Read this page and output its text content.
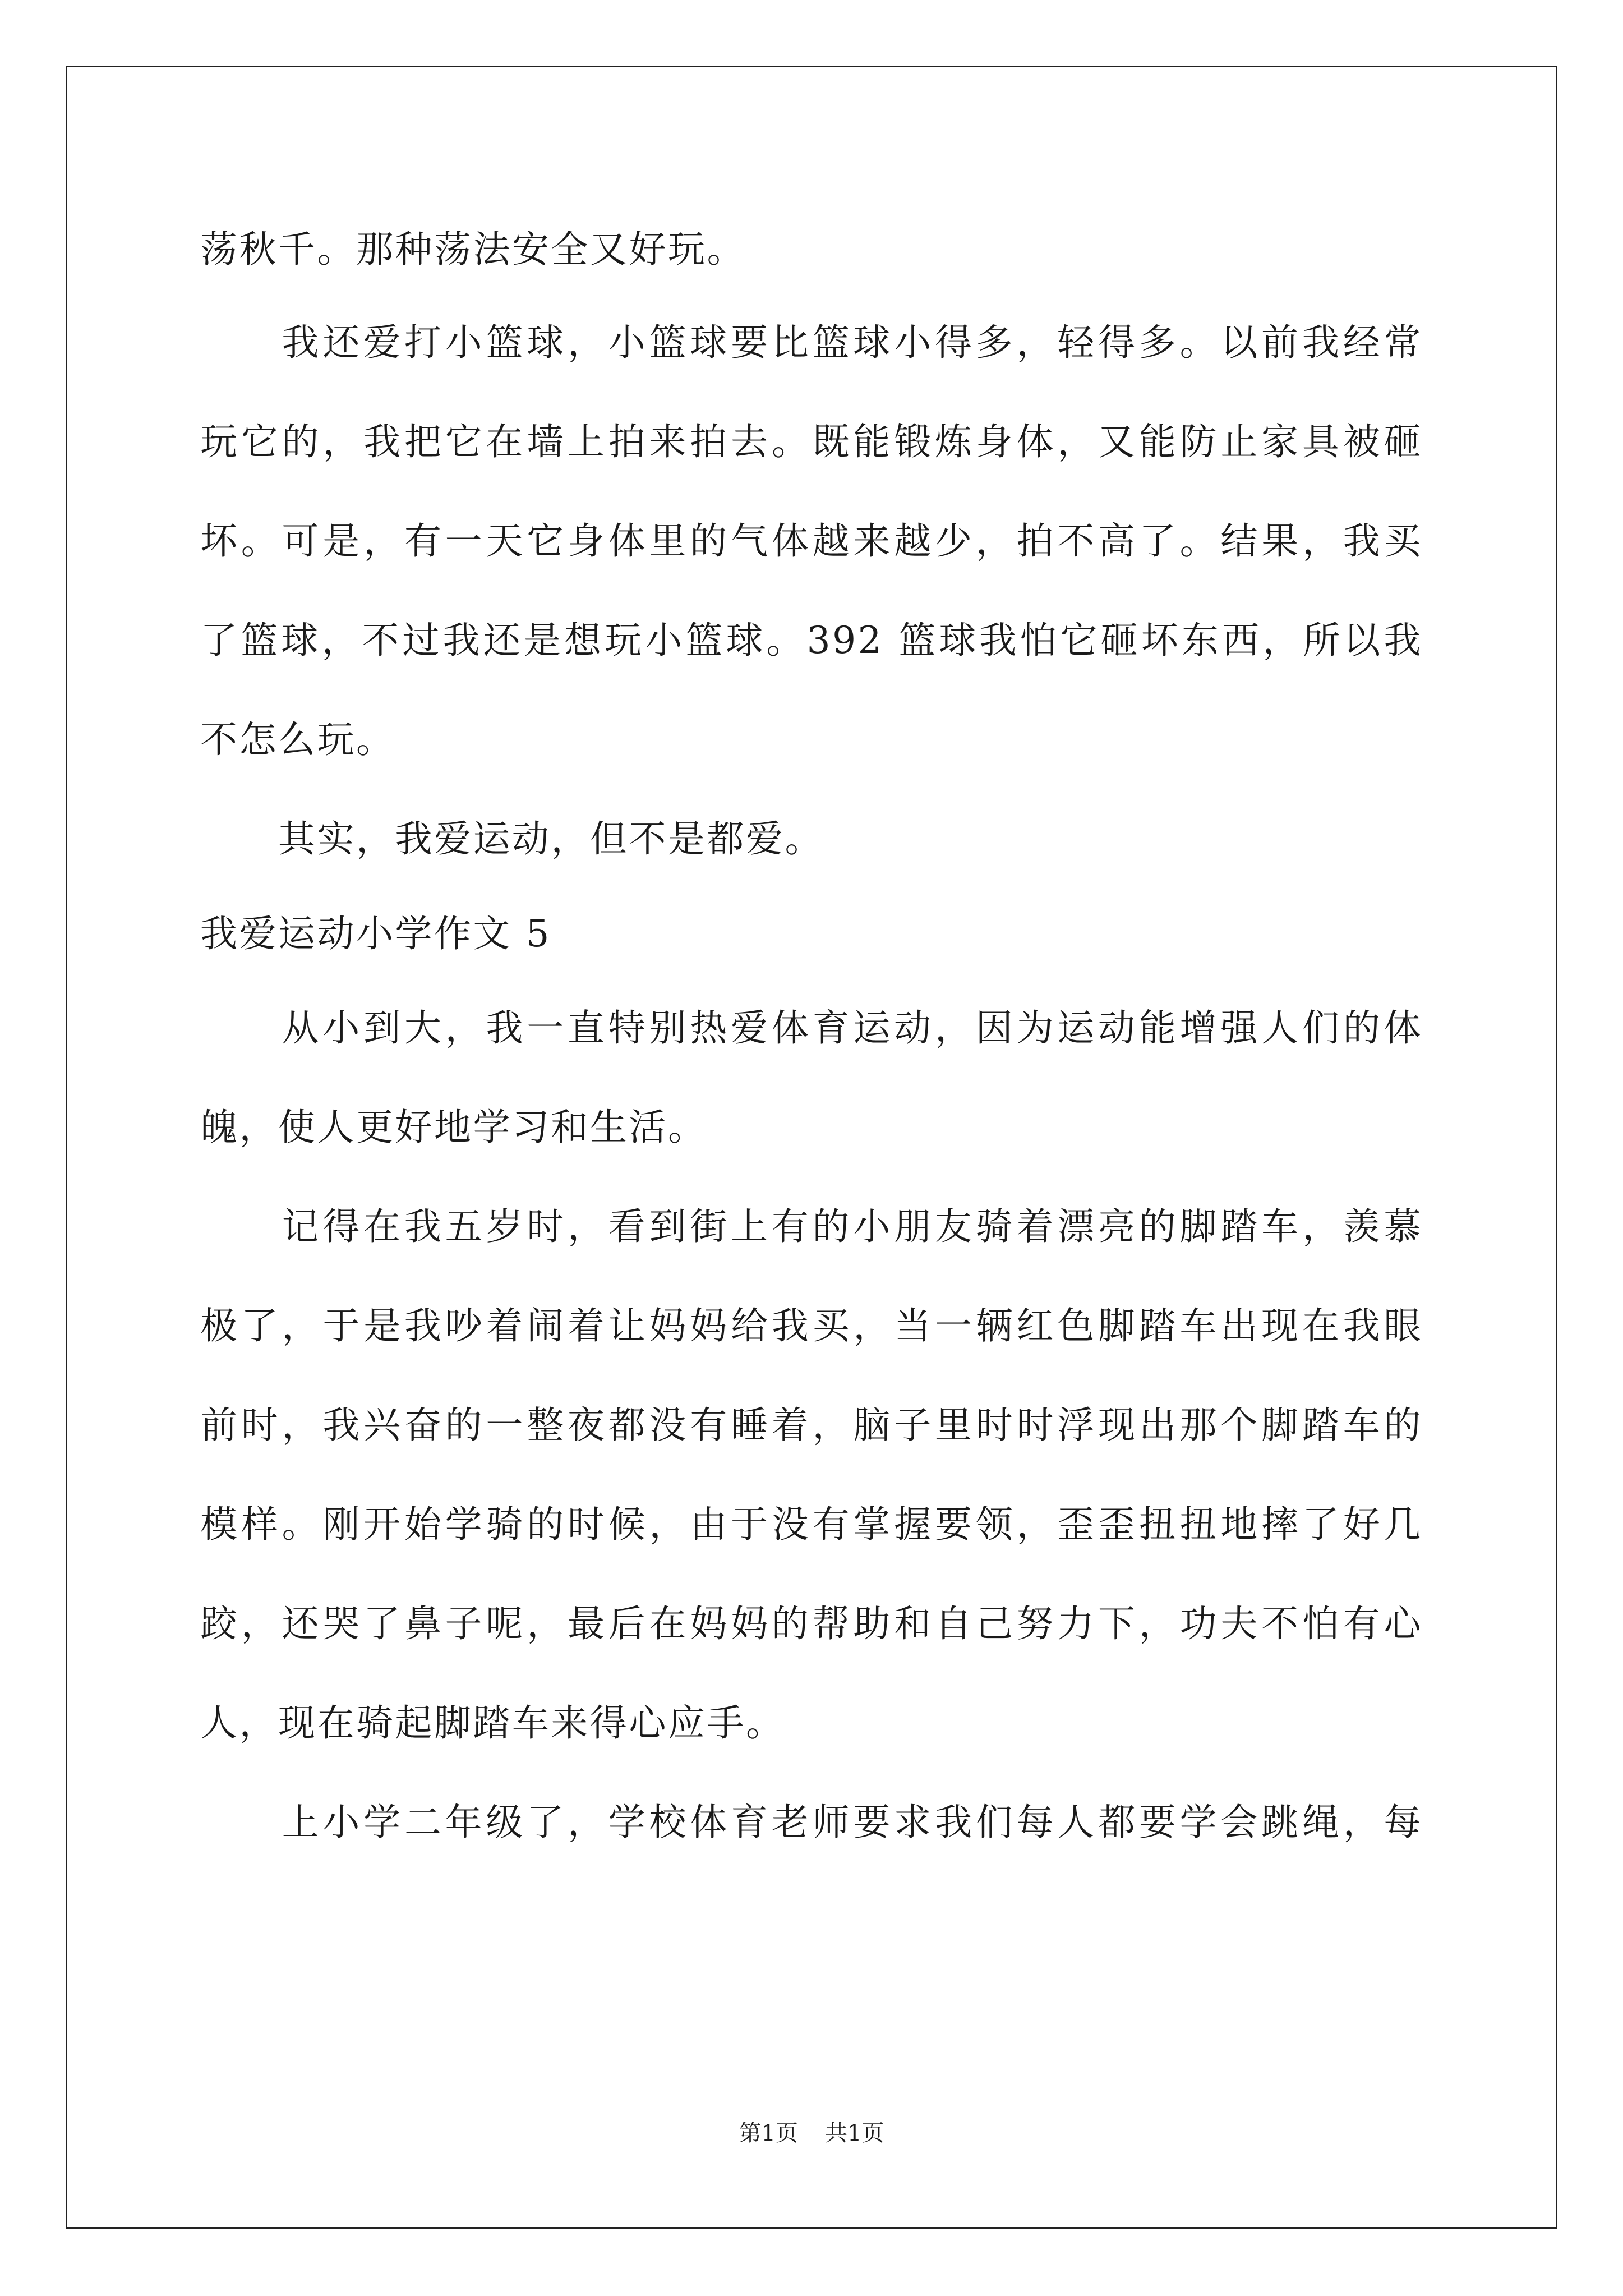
荡秋千。那种荡法安全又好玩。
　　我还爱打小篮球，小篮球要比篮球小得多，轻得多。以前我经常
玩它的，我把它在墙上拍来拍去。既能锻炼身体，又能防止家具被砸
坏。可是，有一天它身体里的气体越来越少，拍不高了。结果，我买
了篮球，不过我还是想玩小篮球。392 篮球我怕它砸坏东西，所以我
不怎么玩。
　　其实，我爱运动，但不是都爱。
我爱运动小学作文 5
　　从小到大，我一直特别热爱体育运动，因为运动能增强人们的体
魄，使人更好地学习和生活。
　　记得在我五岁时，看到街上有的小朋友骑着漂亮的脚踏车，羡慕
极了，于是我吵着闹着让妈妈给我买，当一辆红色脚踏车出现在我眼
前时，我兴奋的一整夜都没有睡着，脑子里时时浮现出那个脚踏车的
模样。刚开始学骑的时候，由于没有掌握要领，歪歪扭扭地摔了好几
跤，还哭了鼻子呢，最后在妈妈的帮助和自己努力下，功夫不怕有心
人，现在骑起脚踏车来得心应手。
　　上小学二年级了，学校体育老师要求我们每人都要学会跳绳，每
第1页 共1页
